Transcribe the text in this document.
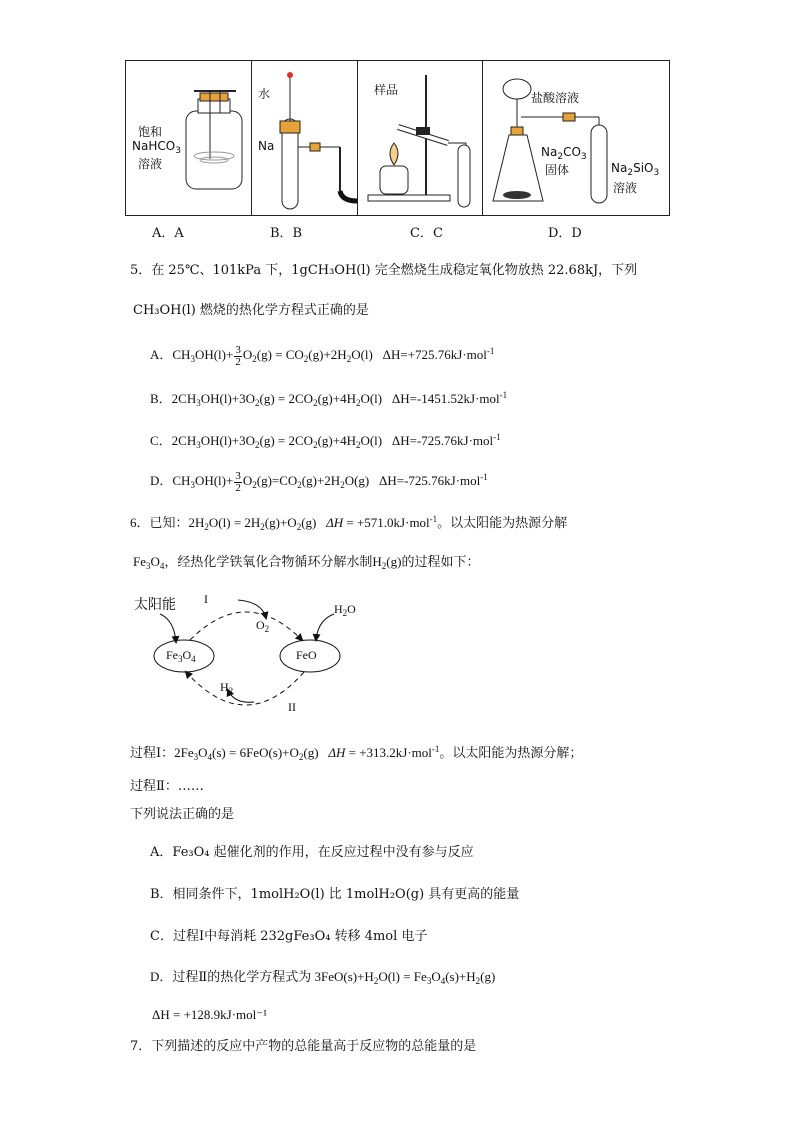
饱和
NaHCO$_3$
溶液
水
Na
样品
盐酸溶液
$Na_2CO_3$
固体	$Na_2SiO_3$
溶液
A．A	B．B	C．C	D．D
5．在 25℃、101kPa 下，1gCH₃OH(l) 完全燃烧生成稳定氧化物放热 22.68kJ，下列
CH₃OH(l) 燃烧的热化学方程式正确的是
A．$CH_3OH(l)+ \frac{3}{2} O_2(g) = CO_2(g)+2H_2O(l)$   ΔH=+725.76kJ·mol$^{-1}$
B．$2CH_3OH(l)+3O_2(g) = 2CO_2(g)+4H_2O(l)$   ΔH=-1451.52kJ·mol$^{-1}$
C．$2CH_3OH(l)+3O_2(g) = 2CO_2(g)+4H_2O(l)$   ΔH=-725.76kJ·mol$^{-1}$
D．$CH_3OH(l)+ \frac{3}{2} O_2(g)=CO_2(g)+2H_2O(g)$   ΔH=-725.76kJ·mol$^{-1}$
6．已知：$2H_2O(l) = 2H_2(g)+O_2(g) \Delta H = +571.0kJ\cdot mol^{-1}$。以太阳能为热源分解
$Fe_3O_4$，经热化学铁氧化合物循环分解水制$H_2(g)$的过程如下：
太阳能 I
$O_2$
$H_2O$
$Fe_3O_4$	FeO
$H_2$
II
过程Ⅰ：$2Fe_3O_4(s) = 6FeO(s)+O_2(g) \Delta H = +313.2kJ\cdot mol^{-1}$。以太阳能为热源分解；
过程Ⅱ：……
下列说法正确的是
A．Fe₃O₄ 起催化剂的作用，在反应过程中没有参与反应
B．相同条件下，1molH₂O(l) 比 1molH₂O(g) 具有更高的能量
C．过程Ⅰ中每消耗 232gFe₃O₄ 转移 4mol 电子
D．过程Ⅱ的热化学方程式为 $3FeO(s)+H_2O(l) = Fe_3O_4(s)+H_2(g)$
ΔH = +128.9kJ·mol⁻¹
7．下列描述的反应中产物的总能量高于反应物的总能量的是
